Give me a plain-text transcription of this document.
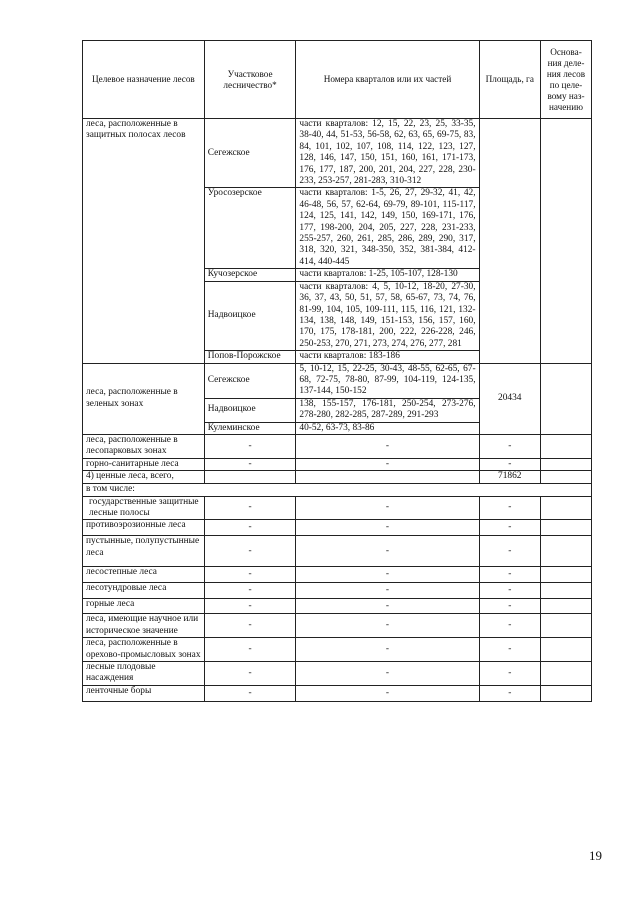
Целевое назначение лесов	Участковое лесничество*	Номера кварталов или их частей	Площадь, га	Основа-ния деле-ния лесов по целе-вому наз-начению
леса, расположенные в защитных полосах лесов	Сегежское	части кварталов: 12, 15, 22, 23, 25, 33-35, 38-40, 44, 51-53, 56-58, 62, 63, 65, 69-75, 83, 84, 101, 102, 107, 108, 114, 122, 123, 127, 128, 146, 147, 150, 151, 160, 161, 171-173, 176, 177, 187, 200, 201, 204, 227, 228, 230-233, 253-257, 281-283, 310-312		
	Уросозерское	части кварталов: 1-5, 26, 27, 29-32, 41, 42, 46-48, 56, 57, 62-64, 69-79, 89-101, 115-117, 124, 125, 141, 142, 149, 150, 169-171, 176, 177, 198-200, 204, 205, 227, 228, 231-233, 255-257, 260, 261, 285, 286, 289, 290, 317, 318, 320, 321, 348-350, 352, 381-384, 412-414, 440-445		
	Кучозерское	части кварталов: 1-25, 105-107, 128-130		
	Надвоицкое	части кварталов: 4, 5, 10-12, 18-20, 27-30, 36, 37, 43, 50, 51, 57, 58, 65-67, 73, 74, 76, 81-99, 104, 105, 109-111, 115, 116, 121, 132-134, 138, 148, 149, 151-153, 156, 157, 160, 170, 175, 178-181, 200, 222, 226-228, 246, 250-253, 270, 271, 273, 274, 276, 277, 281		
	Попов-Порожское	части кварталов: 183-186		
леса, расположенные в зеленых зонах	Сегежское	5, 10-12, 15, 22-25, 30-43, 48-55, 62-65, 67-68, 72-75, 78-80, 87-99, 104-119, 124-135, 137-144, 150-152	20434	
	Надвоицкое	138, 155-157, 176-181, 250-254, 273-276, 278-280, 282-285, 287-289, 291-293		
	Кулеминское	40-52, 63-73, 83-86		
леса, расположенные в лесопарковых зонах	-	-	-	
горно-санитарные леса	-	-	-	
4) ценные леса, всего,			71862	
в том числе:				
государственные защитные лесные полосы	-	-	-	
противоэрозионные леса	-	-	-	
пустынные, полупустынные леса	-	-	-	
лесостепные леса	-	-	-	
лесотундровые леса	-	-	-	
горные леса	-	-	-	
леса, имеющие научное или историческое значение	-	-	-	
леса, расположенные в орехово-промысловых зонах	-	-	-	
лесные плодовые насаждения	-	-	-	
ленточные боры	-	-	-	
19
